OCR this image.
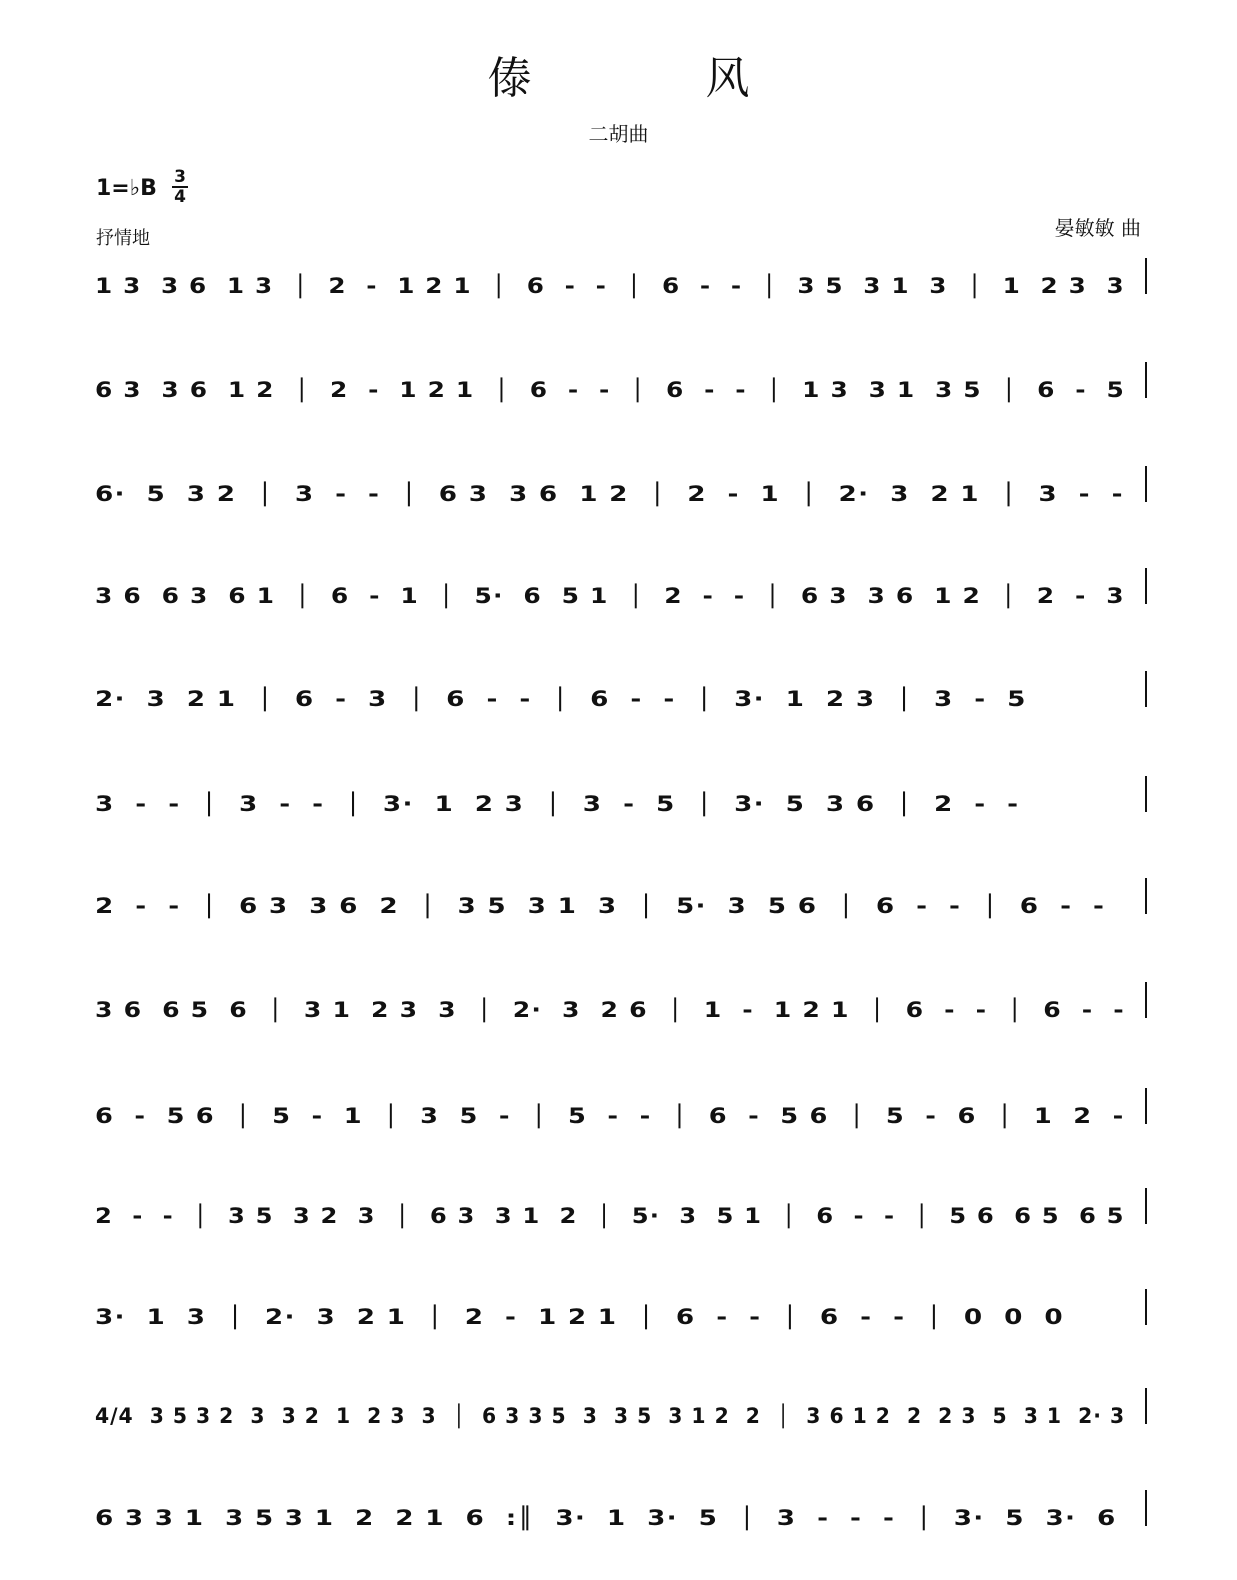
傣 风
二胡曲
1=♭B 3
4
抒情地	晏敏敏 曲
1 3  3 6  1 3  │  2  -  1 2 1  │  6  -  -  │  6  -  -  │  3 5  3 1  3  │  1  2 3  3
6 3  3 6  1 2  │  2  -  1 2 1  │  6  -  -  │  6  -  -  │  1 3  3 1  3 5  │  6  -  5
6·  5  3 2  │  3  -  -  │  6 3  3 6  1 2  │  2  -  1  │  2·  3  2 1  │  3  -  -
3 6  6 3  6 1  │  6  -  1  │  5·  6  5 1  │  2  -  -  │  6 3  3 6  1 2  │  2  -  3
2·  3  2 1  │  6  -  3  │  6  -  -  │  6  -  -  │  3·  1  2 3  │  3  -  5
3  -  -  │  3  -  -  │  3·  1  2 3  │  3  -  5  │  3·  5  3 6  │  2  -  -
2  -  -  │  6 3  3 6  2  │  3 5  3 1  3  │  5·  3  5 6  │  6  -  -  │  6  -  -
3 6  6 5  6  │  3 1  2 3  3  │  2·  3  2 6  │  1  -  1 2 1  │  6  -  -  │  6  -  -
6  -  5 6  │  5  -  1  │  3  5  -  │  5  -  -  │  6  -  5 6  │  5  -  6  │  1  2  -
2  -  -  │  3 5  3 2  3  │  6 3  3 1  2  │  5·  3  5 1  │  6  -  -  │  5 6  6 5  6 5
3·  1  3  │  2·  3  2 1  │  2  -  1 2 1  │  6  -  -  │  6  -  -  │  0  0  0
4/4  3 5 3 2  3  3 2  1  2 3  3  │  6 3 3 5  3  3 5  3 1 2  2  │  3 6 1 2  2  2 3  5  3 1  2· 3
6 3 3 1  3 5 3 1  2  2 1  6  :║  3·  1  3·  5  │  3  -  -  -  │  3·  5  3·  6
